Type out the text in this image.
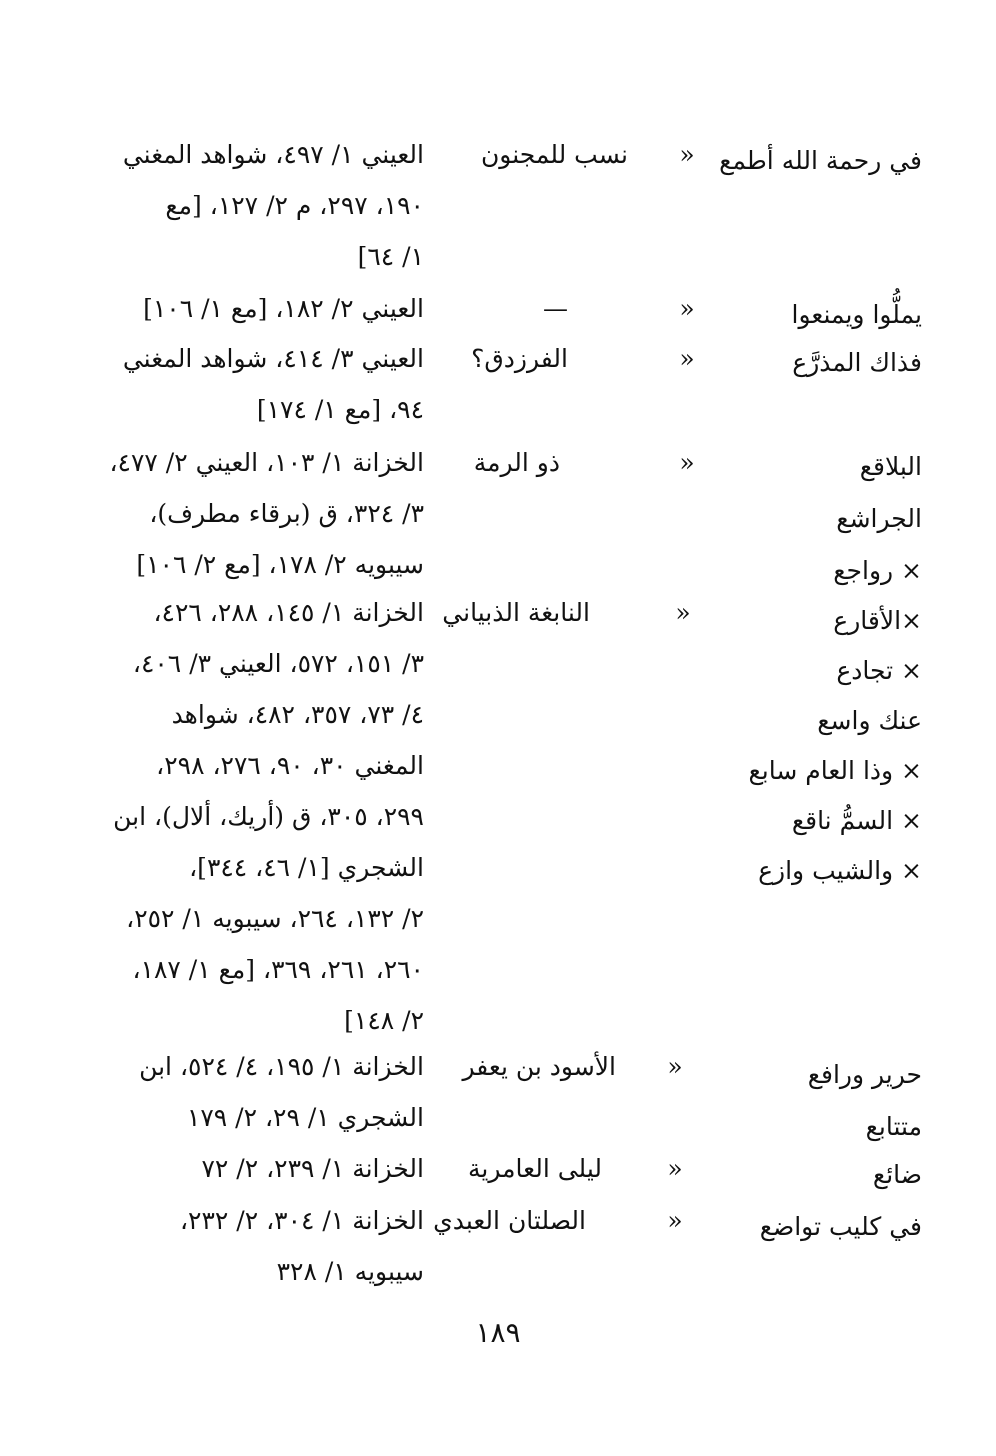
في رحمة الله أطمع
«
نسب للمجنون
العيني ١/ ٤٩٧، شواهد المغني
١٩٠، ٢٩٧، م ٢/ ١٢٧، [مع
١/ ٦٤]
يملُّوا ويمنعوا
«
—
العيني ٢/ ١٨٢، [مع ١/ ١٠٦]
فذاك المذرَّع
«
الفرزدق؟
العيني ٣/ ٤١٤، شواهد المغني
٩٤، [مع ١/ ١٧٤]
البلاقع
الجراشع
× رواجع
«
ذو الرمة
الخزانة ١/ ١٠٣، العيني ٢/ ٤٧٧،
٣/ ٣٢٤، ق (برقاء مطرف)،
سيبويه ٢/ ١٧٨، [مع ٢/ ١٠٦]
×الأقارع
× تجادع
عنك واسع
× وذا العام سابع
× السمُّ ناقع
× والشيب وازع
«
النابغة الذبياني
الخزانة ١/ ١٤٥، ٢٨٨، ٤٢٦،
٣/ ١٥١، ٥٧٢، العيني ٣/ ٤٠٦،
٤/ ٧٣، ٣٥٧، ٤٨٢، شواهد
المغني ٣٠، ٩٠، ٢٧٦، ٢٩٨،
٢٩٩، ٣٠٥، ق (أريك، ألال)، ابن
الشجري [١/ ٤٦، ٣٤٤]،
٢/ ١٣٢، ٢٦٤، سيبويه ١/ ٢٥٢،
٢٦٠، ٢٦١، ٣٦٩، [مع ١/ ١٨٧،
٢/ ١٤٨]
حرير ورافع
متتابع
«
الأسود بن يعفر
الخزانة ١/ ١٩٥، ٤/ ٥٢٤، ابن
الشجري ١/ ٢٩، ٢/ ١٧٩
ضائع
«
ليلى العامرية
الخزانة ١/ ٢٣٩، ٢/ ٧٢
في كليب تواضع
«
الصلتان العبدي
الخزانة ١/ ٣٠٤، ٢/ ٢٣٢،
سيبويه ١/ ٣٢٨
١٨٩
